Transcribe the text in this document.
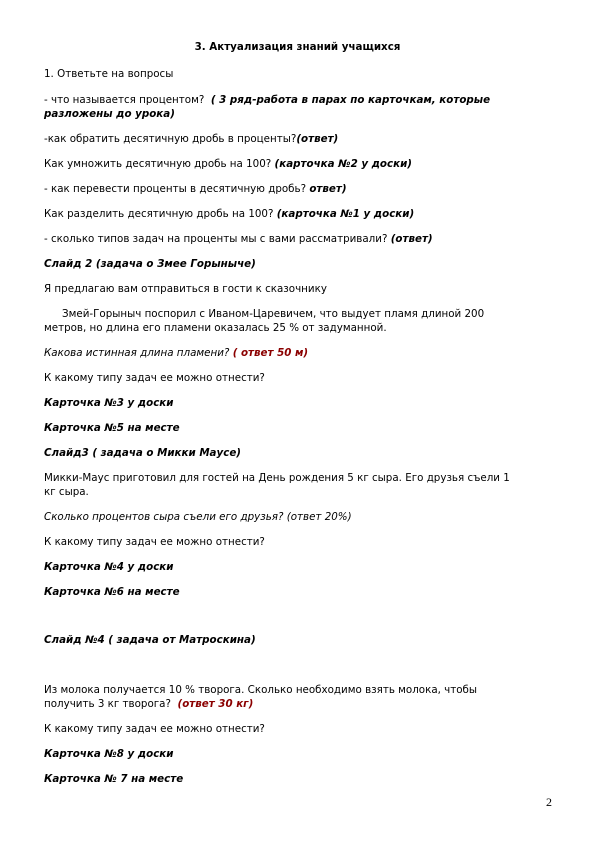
3. Актуализация знаний учащихся
1. Ответьте на вопросы
- что называется процентом? ( 3 ряд-работа в парах по карточкам, которые
разложены до урока)
-как обратить десятичную дробь в проценты?(ответ)
Как умножить десятичную дробь на 100? (карточка №2 у доски)
- как перевести проценты в десятичную дробь? ответ)
Как разделить десятичную дробь на 100? (карточка №1 у доски)
- сколько типов задач на проценты мы с вами рассматривали? (ответ)
Слайд 2 (задача о Змее Горыныче)
Я предлагаю вам отправиться в гости к сказочнику
Змей-Горыныч поспорил с Иваном-Царевичем, что выдует пламя длиной 200
метров, но длина его пламени оказалась 25 % от задуманной.
Какова истинная длина пламени? ( ответ 50 м)
К какому типу задач ее можно отнести?
Карточка №3 у доски
Карточка №5 на месте
Слайд3 ( задача о Микки Маусе)
Микки-Маус приготовил для гостей на День рождения 5 кг сыра. Его друзья съели 1
кг сыра.
Сколько процентов сыра съели его друзья? (ответ 20%)
К какому типу задач ее можно отнести?
Карточка №4 у доски
Карточка №6 на месте
Слайд №4 ( задача от Матроскина)
Из молока получается 10 % творога. Сколько необходимо взять молока, чтобы
получить 3 кг творога? (ответ 30 кг)
К какому типу задач ее можно отнести?
Карточка №8 у доски
Карточка № 7 на месте
2
